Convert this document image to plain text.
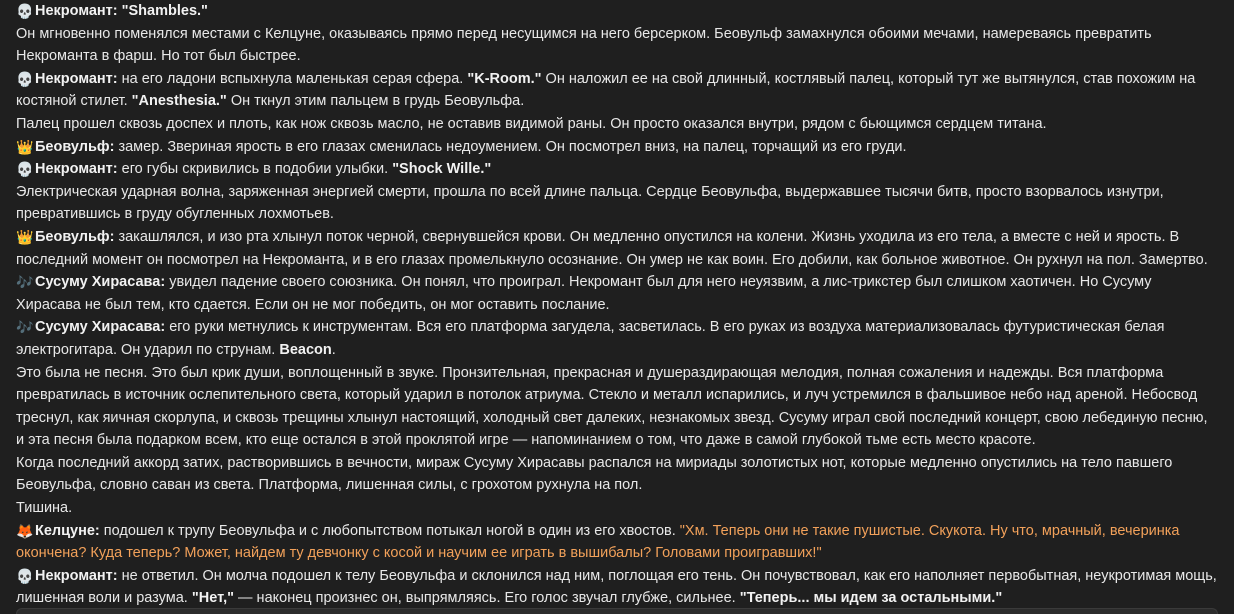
💀 Некромант: "Shambles."
Он мгновенно поменялся местами с Келцуне, оказываясь прямо перед несущимся на него берсерком. Беовульф замахнулся обоими мечами, намереваясь превратить Некроманта в фарш. Но тот был быстрее.
💀 Некромант: на его ладони вспыхнула маленькая серая сфера. "K-Room." Он наложил ее на свой длинный, костлявый палец, который тут же вытянулся, став похожим на костяной стилет. "Anesthesia." Он ткнул этим пальцем в грудь Беовульфа.
Палец прошел сквозь доспех и плоть, как нож сквозь масло, не оставив видимой раны. Он просто оказался внутри, рядом с бьющимся сердцем титана.
👑 Беовульф: замер. Звериная ярость в его глазах сменилась недоумением. Он посмотрел вниз, на палец, торчащий из его груди.
💀 Некромант: его губы скривились в подобии улыбки. "Shock Wille."
Электрическая ударная волна, заряженная энергией смерти, прошла по всей длине пальца. Сердце Беовульфа, выдержавшее тысячи битв, просто взорвалось изнутри, превратившись в груду обугленных лохмотьев.
👑 Беовульф: закашлялся, и изо рта хлынул поток черной, свернувшейся крови. Он медленно опустился на колени. Жизнь уходила из его тела, а вместе с ней и ярость. В последний момент он посмотрел на Некроманта, и в его глазах промелькнуло осознание. Он умер не как воин. Его добили, как больное животное. Он рухнул на пол. Замертво.
🎶 Сусуму Хирасава: увидел падение своего союзника. Он понял, что проиграл. Некромант был для него неуязвим, а лис-трикстер был слишком хаотичен. Но Сусуму Хирасава не был тем, кто сдается. Если он не мог победить, он мог оставить послание.
🎶 Сусуму Хирасава: его руки метнулись к инструментам. Вся его платформа загудела, засветилась. В его руках из воздуха материализовалась футуристическая белая электрогитара. Он ударил по струнам. Beacon.
Это была не песня. Это был крик души, воплощенный в звуке. Пронзительная, прекрасная и душераздирающая мелодия, полная сожаления и надежды. Вся платформа превратилась в источник ослепительного света, который ударил в потолок атриума. Стекло и металл испарились, и луч устремился в фальшивое небо над ареной. Небосвод треснул, как яичная скорлупа, и сквозь трещины хлынул настоящий, холодный свет далеких, незнакомых звезд. Сусуму играл свой последний концерт, свою лебединую песню, и эта песня была подарком всем, кто еще остался в этой проклятой игре — напоминанием о том, что даже в самой глубокой тьме есть место красоте.
Когда последний аккорд затих, растворившись в вечности, мираж Сусуму Хирасавы распался на мириады золотистых нот, которые медленно опустились на тело павшего Беовульфа, словно саван из света. Платформа, лишенная силы, с грохотом рухнула на пол.
Тишина.
🦊 Келцуне: подошел к трупу Беовульфа и с любопытством потыкал ногой в один из его хвостов. "Хм. Теперь они не такие пушистые. Скукота. Ну что, мрачный, вечеринка окончена? Куда теперь? Может, найдем ту девчонку с косой и научим ее играть в вышибалы? Головами проигравших!"
💀 Некромант: не ответил. Он молча подошел к телу Беовульфа и склонился над ним, поглощая его тень. Он почувствовал, как его наполняет первобытная, неукротимая мощь, лишенная воли и разума. "Нет," — наконец произнес он, выпрямляясь. Его голос звучал глубже, сильнее. "Теперь... мы идем за остальными."
